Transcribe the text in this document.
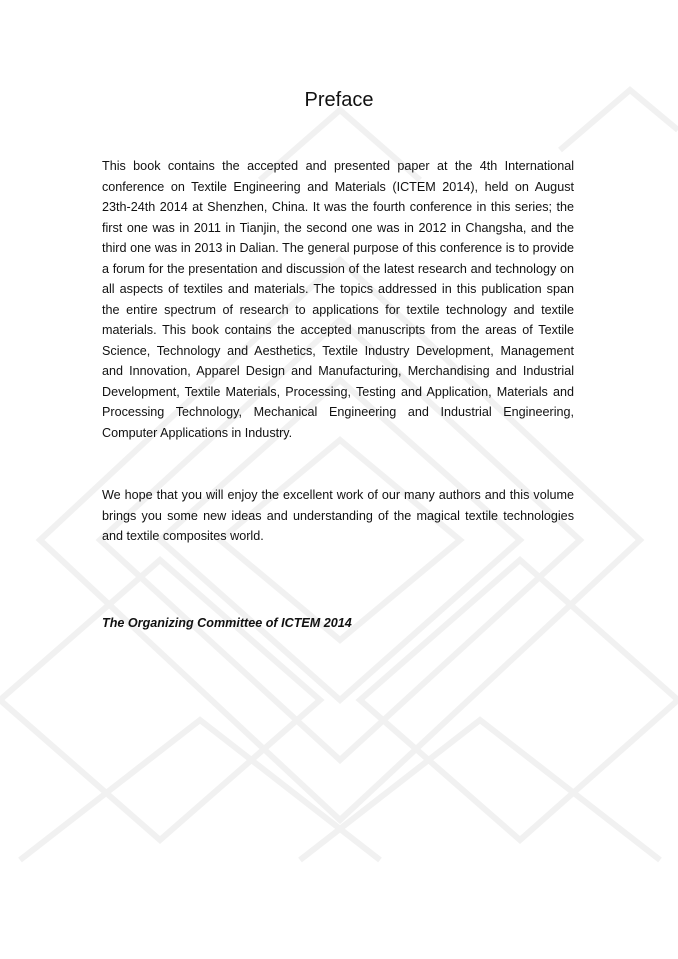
Preface

This book contains the accepted and presented paper at the 4th International conference on Textile Engineering and Materials (ICTEM 2014), held on August 23th-24th 2014 at Shenzhen, China. It was the fourth conference in this series; the first one was in 2011 in Tianjin, the second one was in 2012 in Changsha, and the third one was in 2013 in Dalian. The general purpose of this conference is to provide a forum for the presentation and discussion of the latest research and technology on all aspects of textiles and materials. The topics addressed in this publication span the entire spectrum of research to applications for textile technology and textile materials. This book contains the accepted manuscripts from the areas of Textile Science, Technology and Aesthetics, Textile Industry Development, Management and Innovation, Apparel Design and Manufacturing, Merchandising and Industrial Development, Textile Materials, Processing, Testing and Application, Materials and Processing Technology, Mechanical Engineering and Industrial Engineering, Computer Applications in Industry.

We hope that you will enjoy the excellent work of our many authors and this volume brings you some new ideas and understanding of the magical textile technologies and textile composites world.

The Organizing Committee of ICTEM 2014
